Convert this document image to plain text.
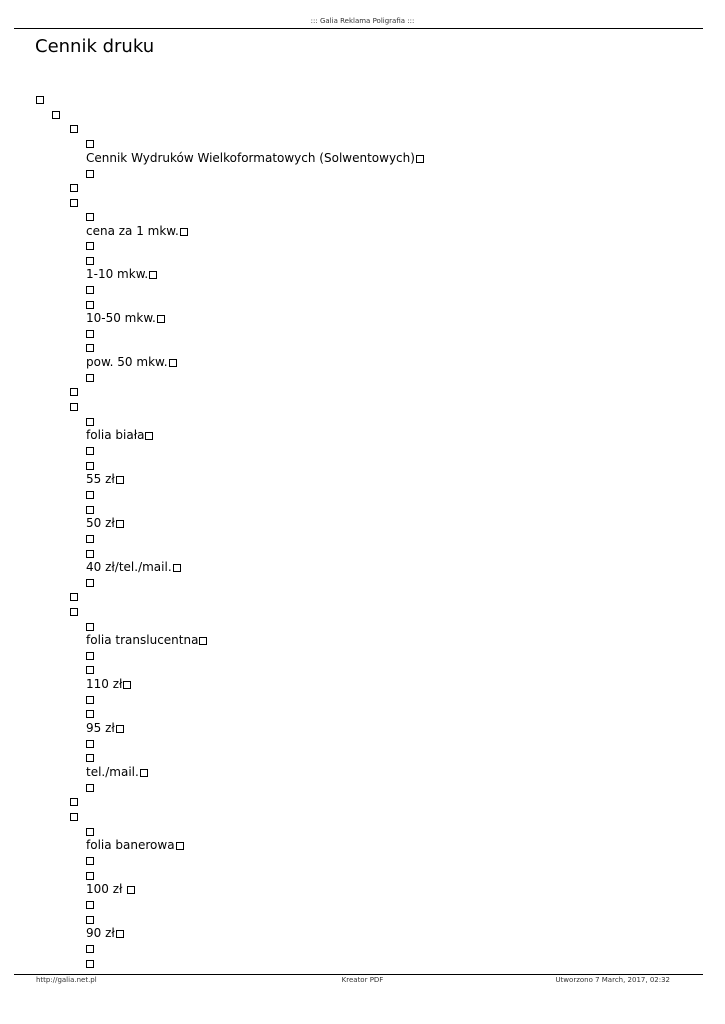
::: Galia Reklama Poligrafia :::
Cennik druku
Cennik Wydruków Wielkoformatowych (Solwentowych)
cena za 1 mkw.
1-10 mkw.
10-50 mkw.
pow. 50 mkw.
folia biała
55 zł
50 zł
40 zł/tel./mail.
folia translucentna
110 zł
95 zł
tel./mail.
folia banerowa
100 zł
90 zł
http://galia.net.pl	Kreator PDF	Utworzono 7 March, 2017, 02:32
